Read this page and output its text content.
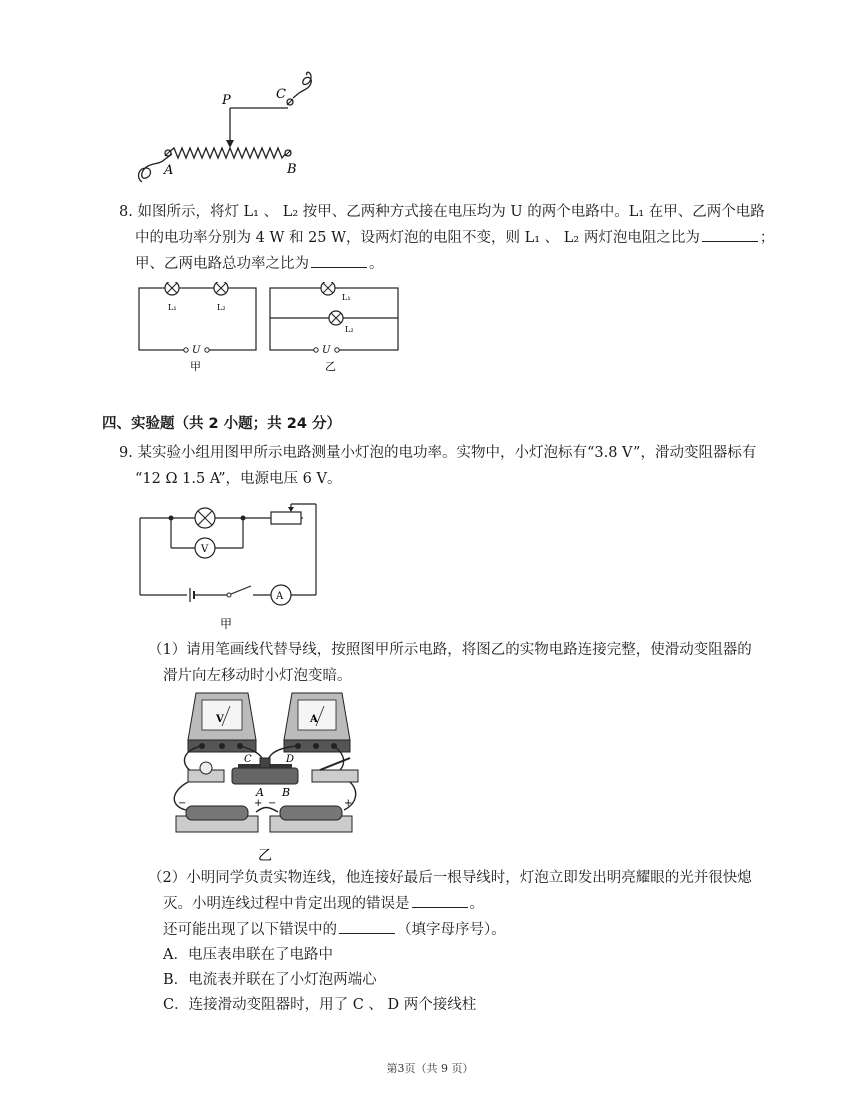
P	C
A	B
8. 如图所示，将灯 L₁ 、 L₂ 按甲、乙两种方式接在电压均为 U 的两个电路中。L₁ 在甲、乙两个电路
中的电功率分别为 4 W 和 25 W，设两灯泡的电阻不变，则 L₁ 、 L₂ 两灯泡电阻之比为	；
甲、乙两电路总功率之比为	。
L₁	L₂
U
甲
L₁
L₂
U
乙
四、实验题（共 2 小题；共 24 分）
9. 某实验小组用图甲所示电路测量小灯泡的电功率。实物中，小灯泡标有“3.8 V”，滑动变阻器标有
“12 Ω 1.5 A”，电源电压 6 V。
A
V
甲
（1）请用笔画线代替导线，按照图甲所示电路，将图乙的实物电路连接完整，使滑动变阻器的
滑片向左移动时小灯泡变暗。
V	A
C	D
A B
−	+ −	+
乙
（2）小明同学负责实物连线，他连接好最后一根导线时，灯泡立即发出明亮耀眼的光并很快熄
灭。小明连线过程中肯定出现的错误是	。
还可能出现了以下错误中的	（填字母序号）。
A．电压表串联在了电路中
B．电流表并联在了小灯泡两端心
C．连接滑动变阻器时，用了 C 、 D 两个接线柱
第3页（共 9 页）
